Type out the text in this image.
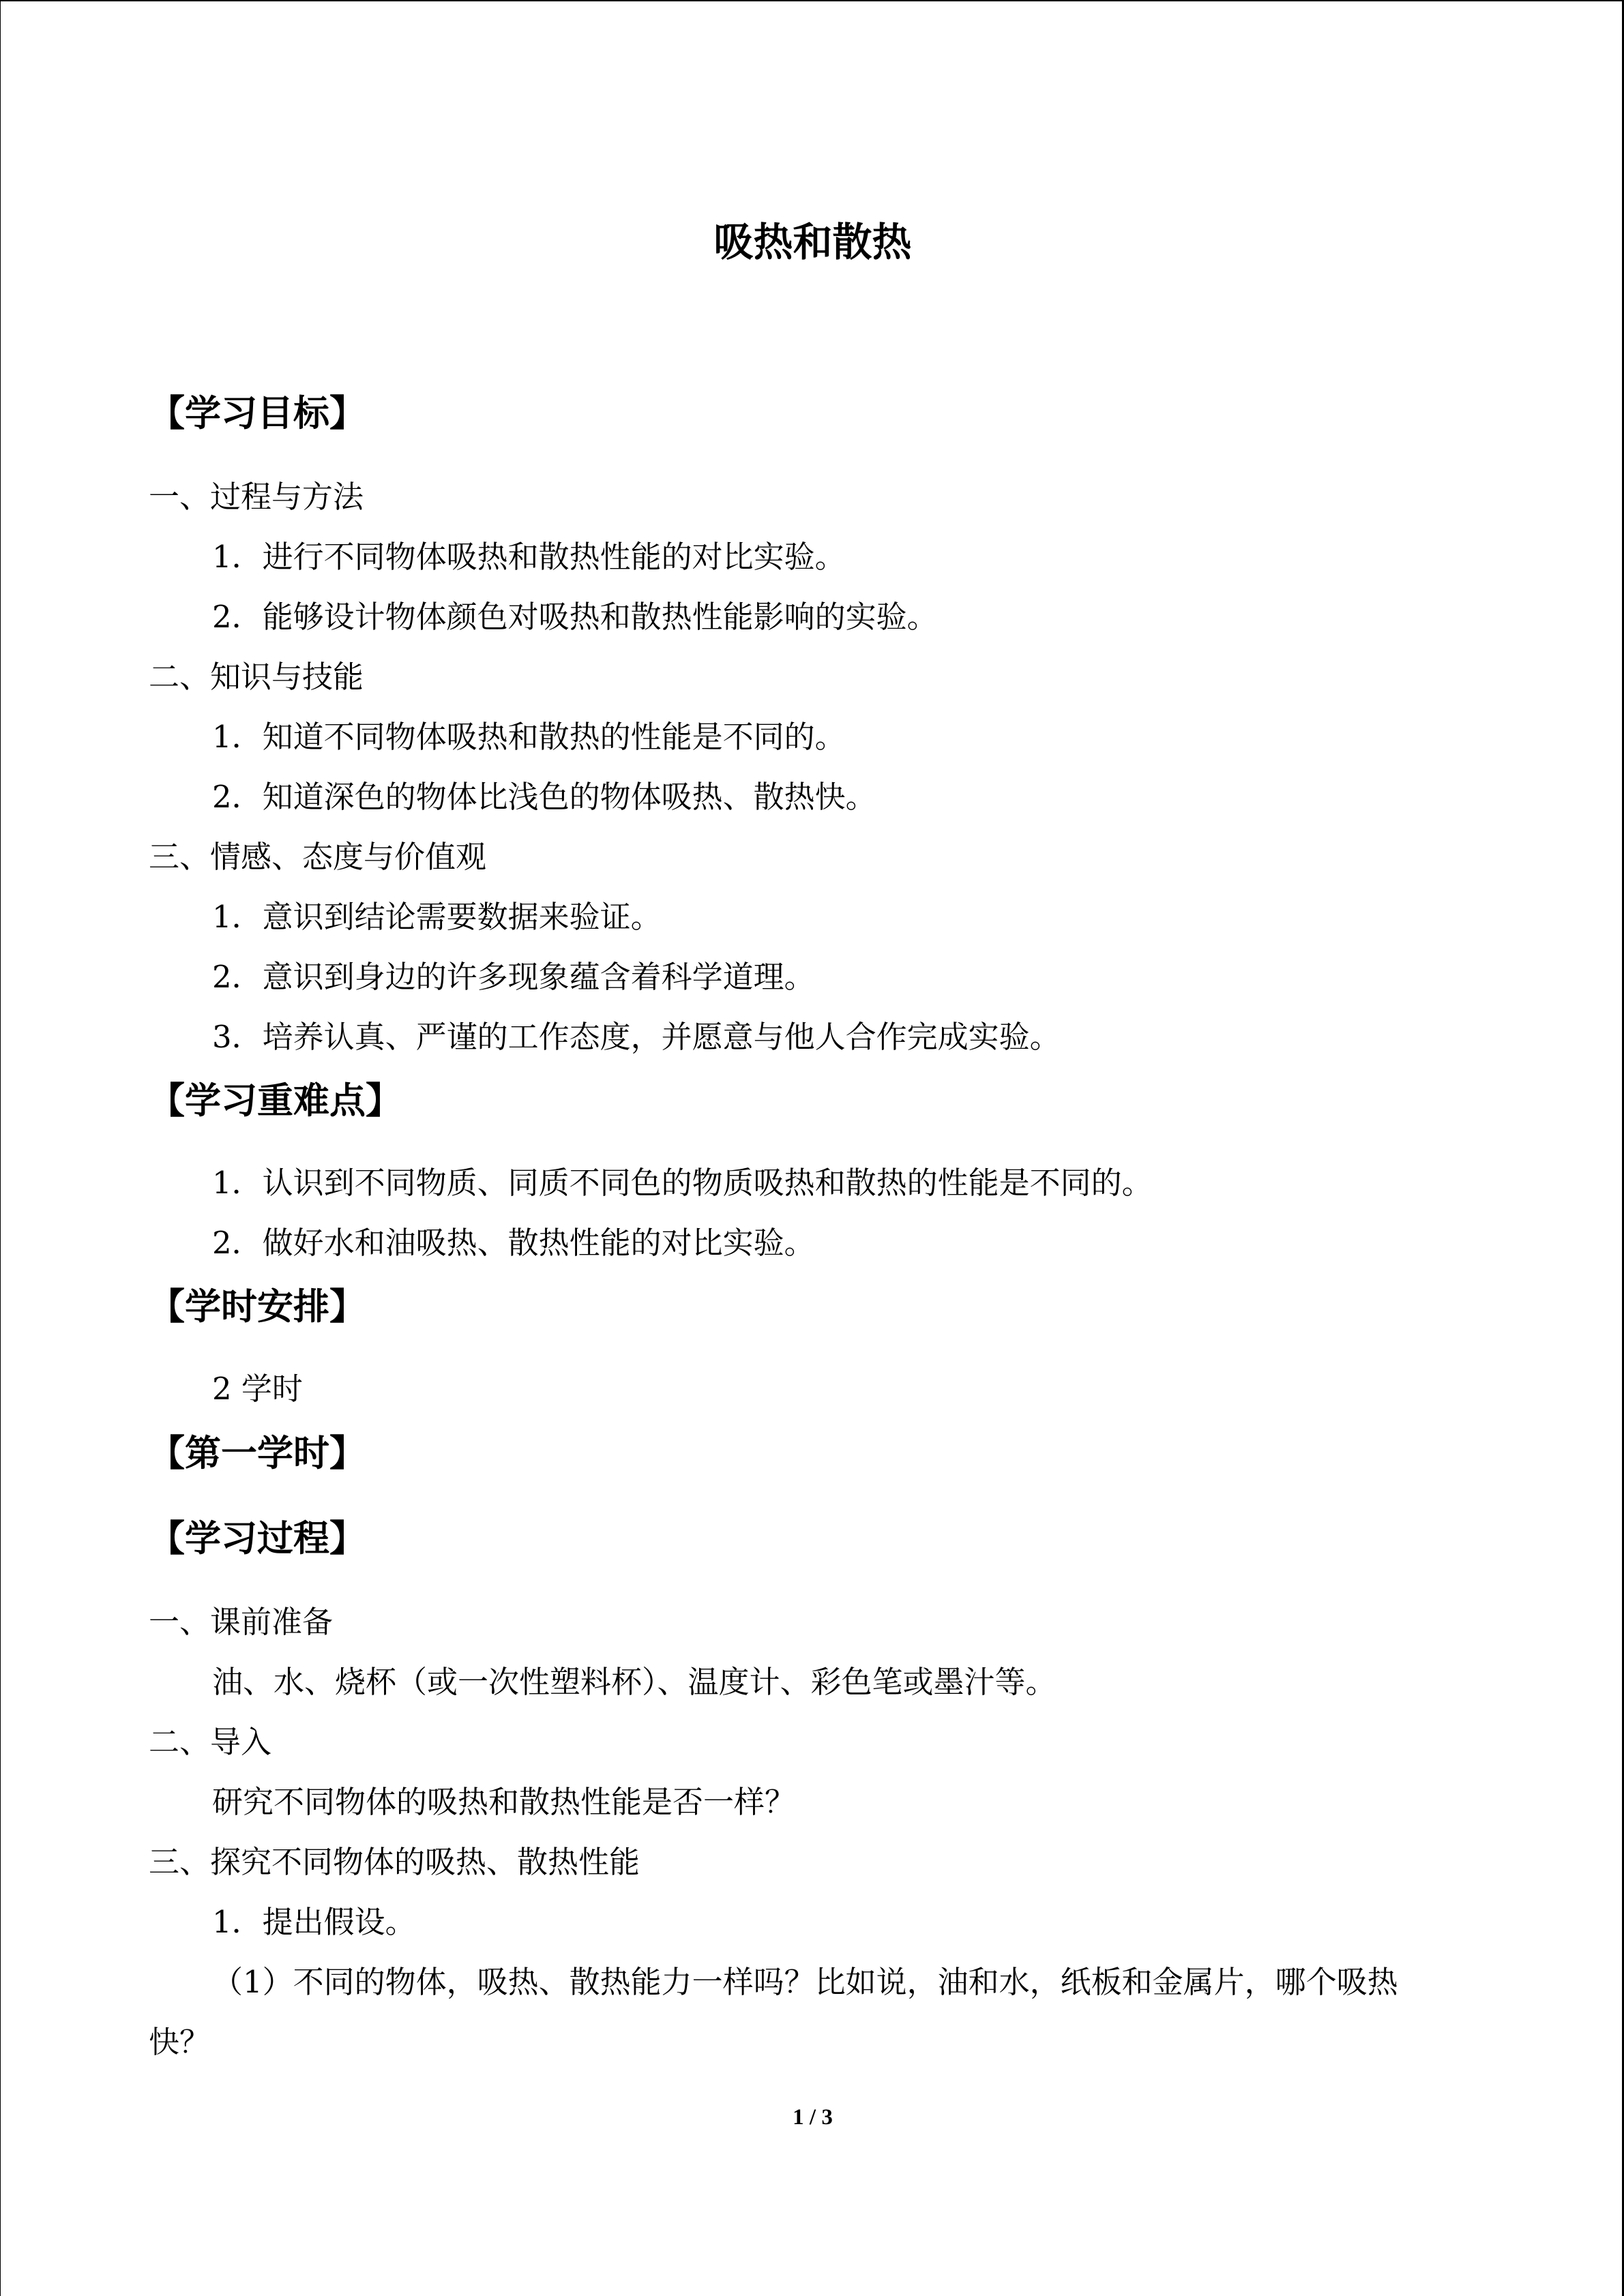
吸热和散热
【学习目标】
一、过程与方法
1．进行不同物体吸热和散热性能的对比实验。
2．能够设计物体颜色对吸热和散热性能影响的实验。
二、知识与技能
1．知道不同物体吸热和散热的性能是不同的。
2．知道深色的物体比浅色的物体吸热、散热快。
三、情感、态度与价值观
1．意识到结论需要数据来验证。
2．意识到身边的许多现象蕴含着科学道理。
3．培养认真、严谨的工作态度，并愿意与他人合作完成实验。
【学习重难点】
1．认识到不同物质、同质不同色的物质吸热和散热的性能是不同的。
2．做好水和油吸热、散热性能的对比实验。
【学时安排】
2 学时
【第一学时】
【学习过程】
一、课前准备
油、水、烧杯（或一次性塑料杯）、温度计、彩色笔或墨汁等。
二、导入
研究不同物体的吸热和散热性能是否一样？
三、探究不同物体的吸热、散热性能
1．提出假设。
（1）不同的物体，吸热、散热能力一样吗？比如说，油和水，纸板和金属片，哪个吸热
快？
1 / 3
